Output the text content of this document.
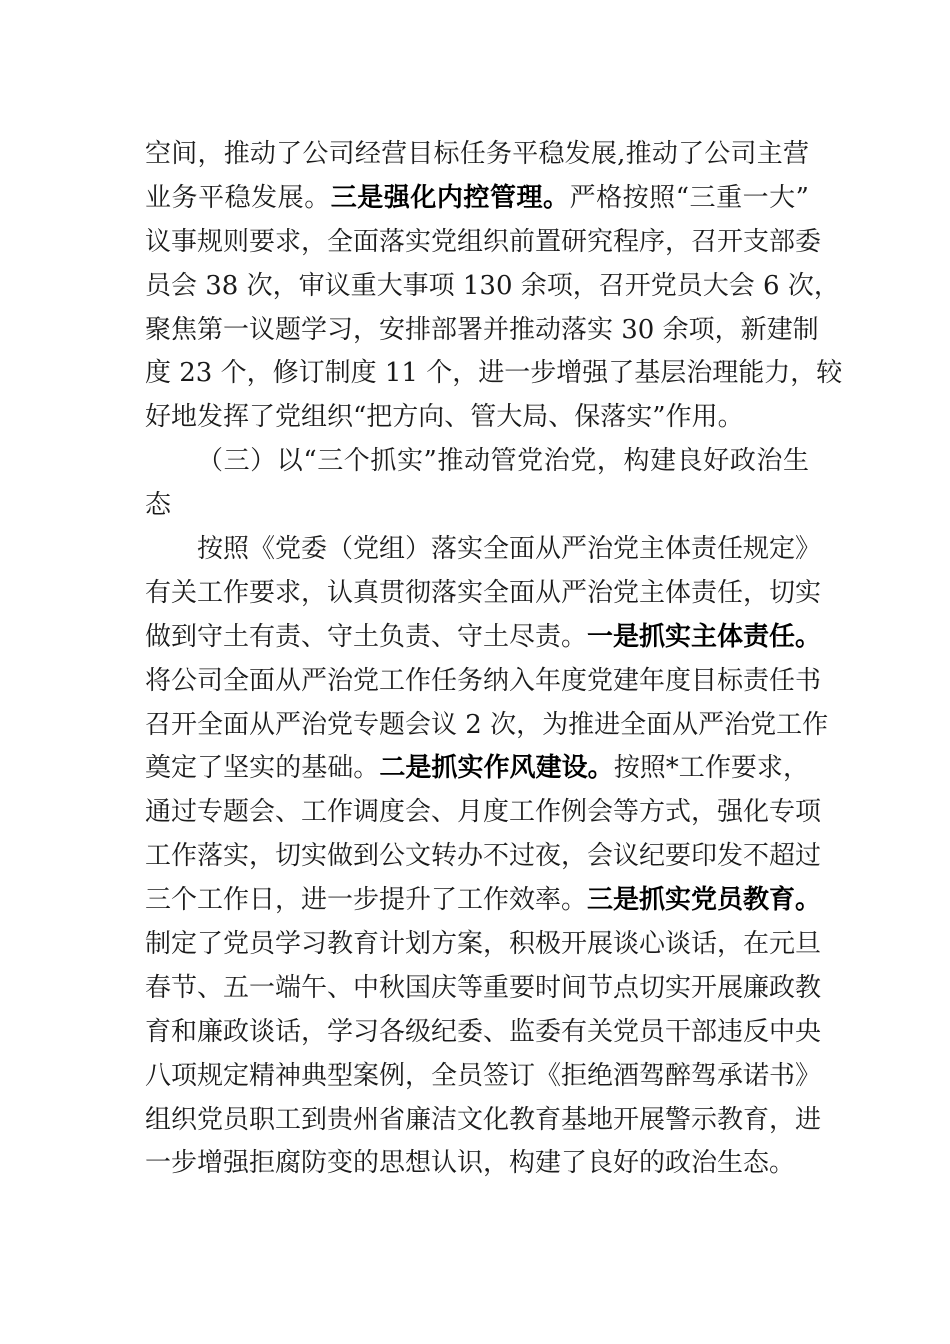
空间，推动了公司经营目标任务平稳发展,推动了公司主营
业务平稳发展。三是强化内控管理。严格按照“三重一大”
议事规则要求，全面落实党组织前置研究程序，召开支部委
员会 38 次，审议重大事项 130 余项，召开党员大会 6 次，
聚焦第一议题学习，安排部署并推动落实 30 余项，新建制
度 23 个，修订制度 11 个，进一步增强了基层治理能力，较
好地发挥了党组织“把方向、管大局、保落实”作用。
（三）以“三个抓实”推动管党治党，构建良好政治生
态
按照《党委（党组）落实全面从严治党主体责任规定》
有关工作要求，认真贯彻落实全面从严治党主体责任，切实
做到守土有责、守土负责、守土尽责。一是抓实主体责任。
将公司全面从严治党工作任务纳入年度党建年度目标责任书
召开全面从严治党专题会议 2 次，为推进全面从严治党工作
奠定了坚实的基础。二是抓实作风建设。按照*工作要求，
通过专题会、工作调度会、月度工作例会等方式，强化专项
工作落实，切实做到公文转办不过夜，会议纪要印发不超过
三个工作日，进一步提升了工作效率。三是抓实党员教育。
制定了党员学习教育计划方案，积极开展谈心谈话，在元旦
春节、五一端午、中秋国庆等重要时间节点切实开展廉政教
育和廉政谈话，学习各级纪委、监委有关党员干部违反中央
八项规定精神典型案例，全员签订《拒绝酒驾醉驾承诺书》
组织党员职工到贵州省廉洁文化教育基地开展警示教育，进
一步增强拒腐防变的思想认识，构建了良好的政治生态。
